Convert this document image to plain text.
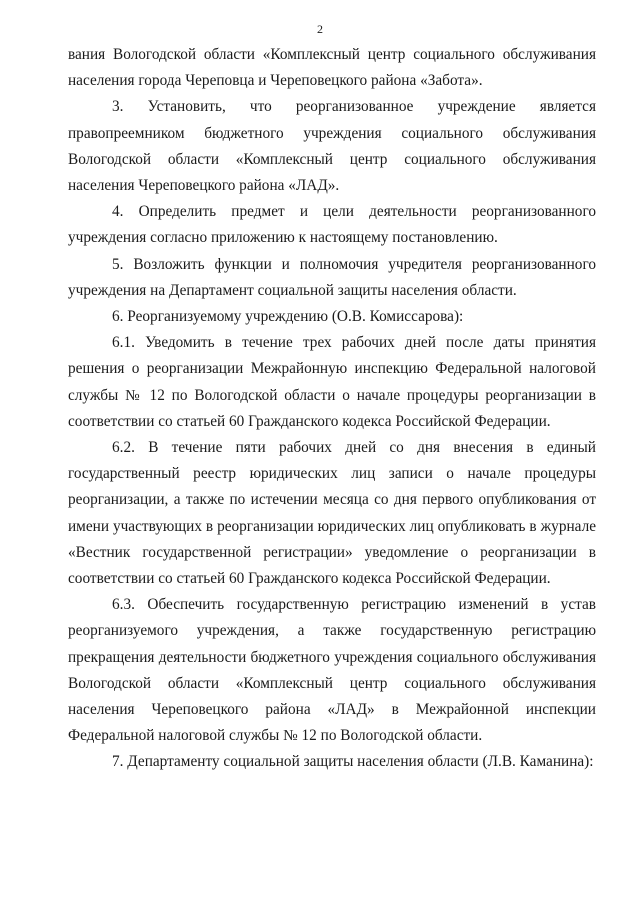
2

вания Вологодской области «Комплексный центр социального обслуживания населения города Череповца и Череповецкого района «Забота».

3. Установить, что реорганизованное учреждение является правопреемником бюджетного учреждения социального обслуживания Вологодской области «Комплексный центр социального обслуживания населения Череповецкого района «ЛАД».

4. Определить предмет и цели деятельности реорганизованного учреждения согласно приложению к настоящему постановлению.

5. Возложить функции и полномочия учредителя реорганизованного учреждения на Департамент социальной защиты населения области.

6. Реорганизуемому учреждению (О.В. Комиссарова):

6.1. Уведомить в течение трех рабочих дней после даты принятия решения о реорганизации Межрайонную инспекцию Федеральной налоговой службы № 12 по Вологодской области о начале процедуры реорганизации в соответствии со статьей 60 Гражданского кодекса Российской Федерации.

6.2. В течение пяти рабочих дней со дня внесения в единый государственный реестр юридических лиц записи о начале процедуры реорганизации, а также по истечении месяца со дня первого опубликования от имени участвующих в реорганизации юридических лиц опубликовать в журнале «Вестник государственной регистрации» уведомление о реорганизации в соответствии со статьей 60 Гражданского кодекса Российской Федерации.

6.3. Обеспечить государственную регистрацию изменений в устав реорганизуемого учреждения, а также государственную регистрацию прекращения деятельности бюджетного учреждения социального обслуживания Вологодской области «Комплексный центр социального обслуживания населения Череповецкого района «ЛАД» в Межрайонной инспекции Федеральной налоговой службы № 12 по Вологодской области.

7. Департаменту социальной защиты населения области (Л.В. Каманина):
